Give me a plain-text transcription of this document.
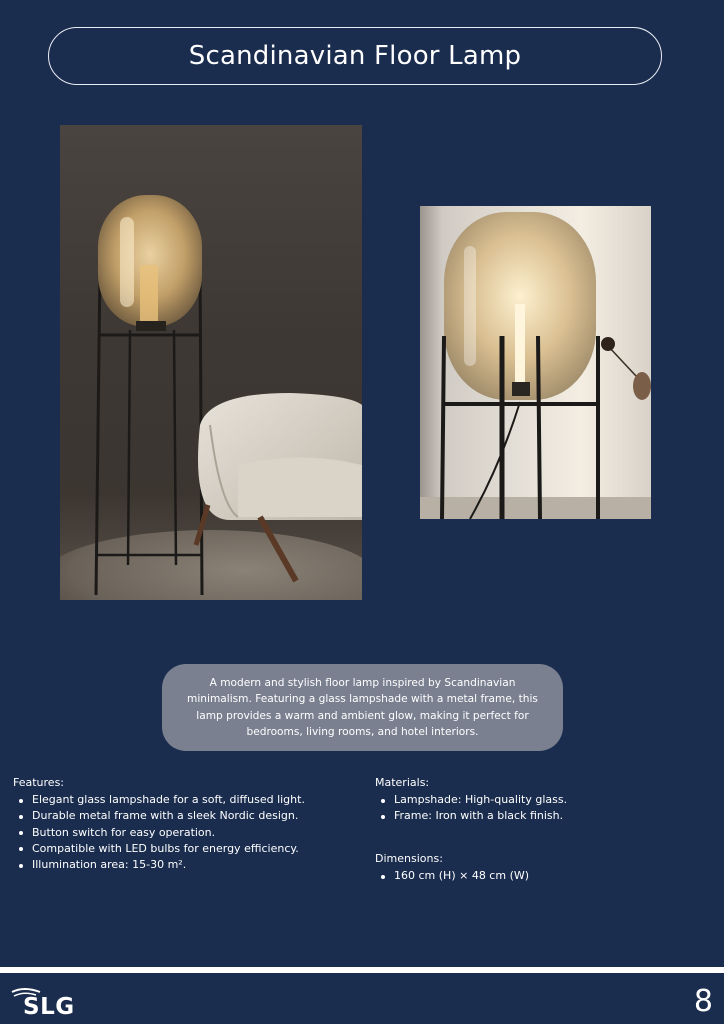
Scandinavian Floor Lamp

A modern and stylish floor lamp inspired by Scandinavian minimalism. Featuring a glass lampshade with a metal frame, this lamp provides a warm and ambient glow, making it perfect for bedrooms, living rooms, and hotel interiors.

Features:

Elegant glass lampshade for a soft, diffused light.
Durable metal frame with a sleek Nordic design.
Button switch for easy operation.
Compatible with LED bulbs for energy efficiency.
Illumination area: 15-30 m².

Materials:

Lampshade: High-quality glass.
Frame: Iron with a black finish.

Dimensions:

160 cm (H) × 48 cm (W)
SLG	8
